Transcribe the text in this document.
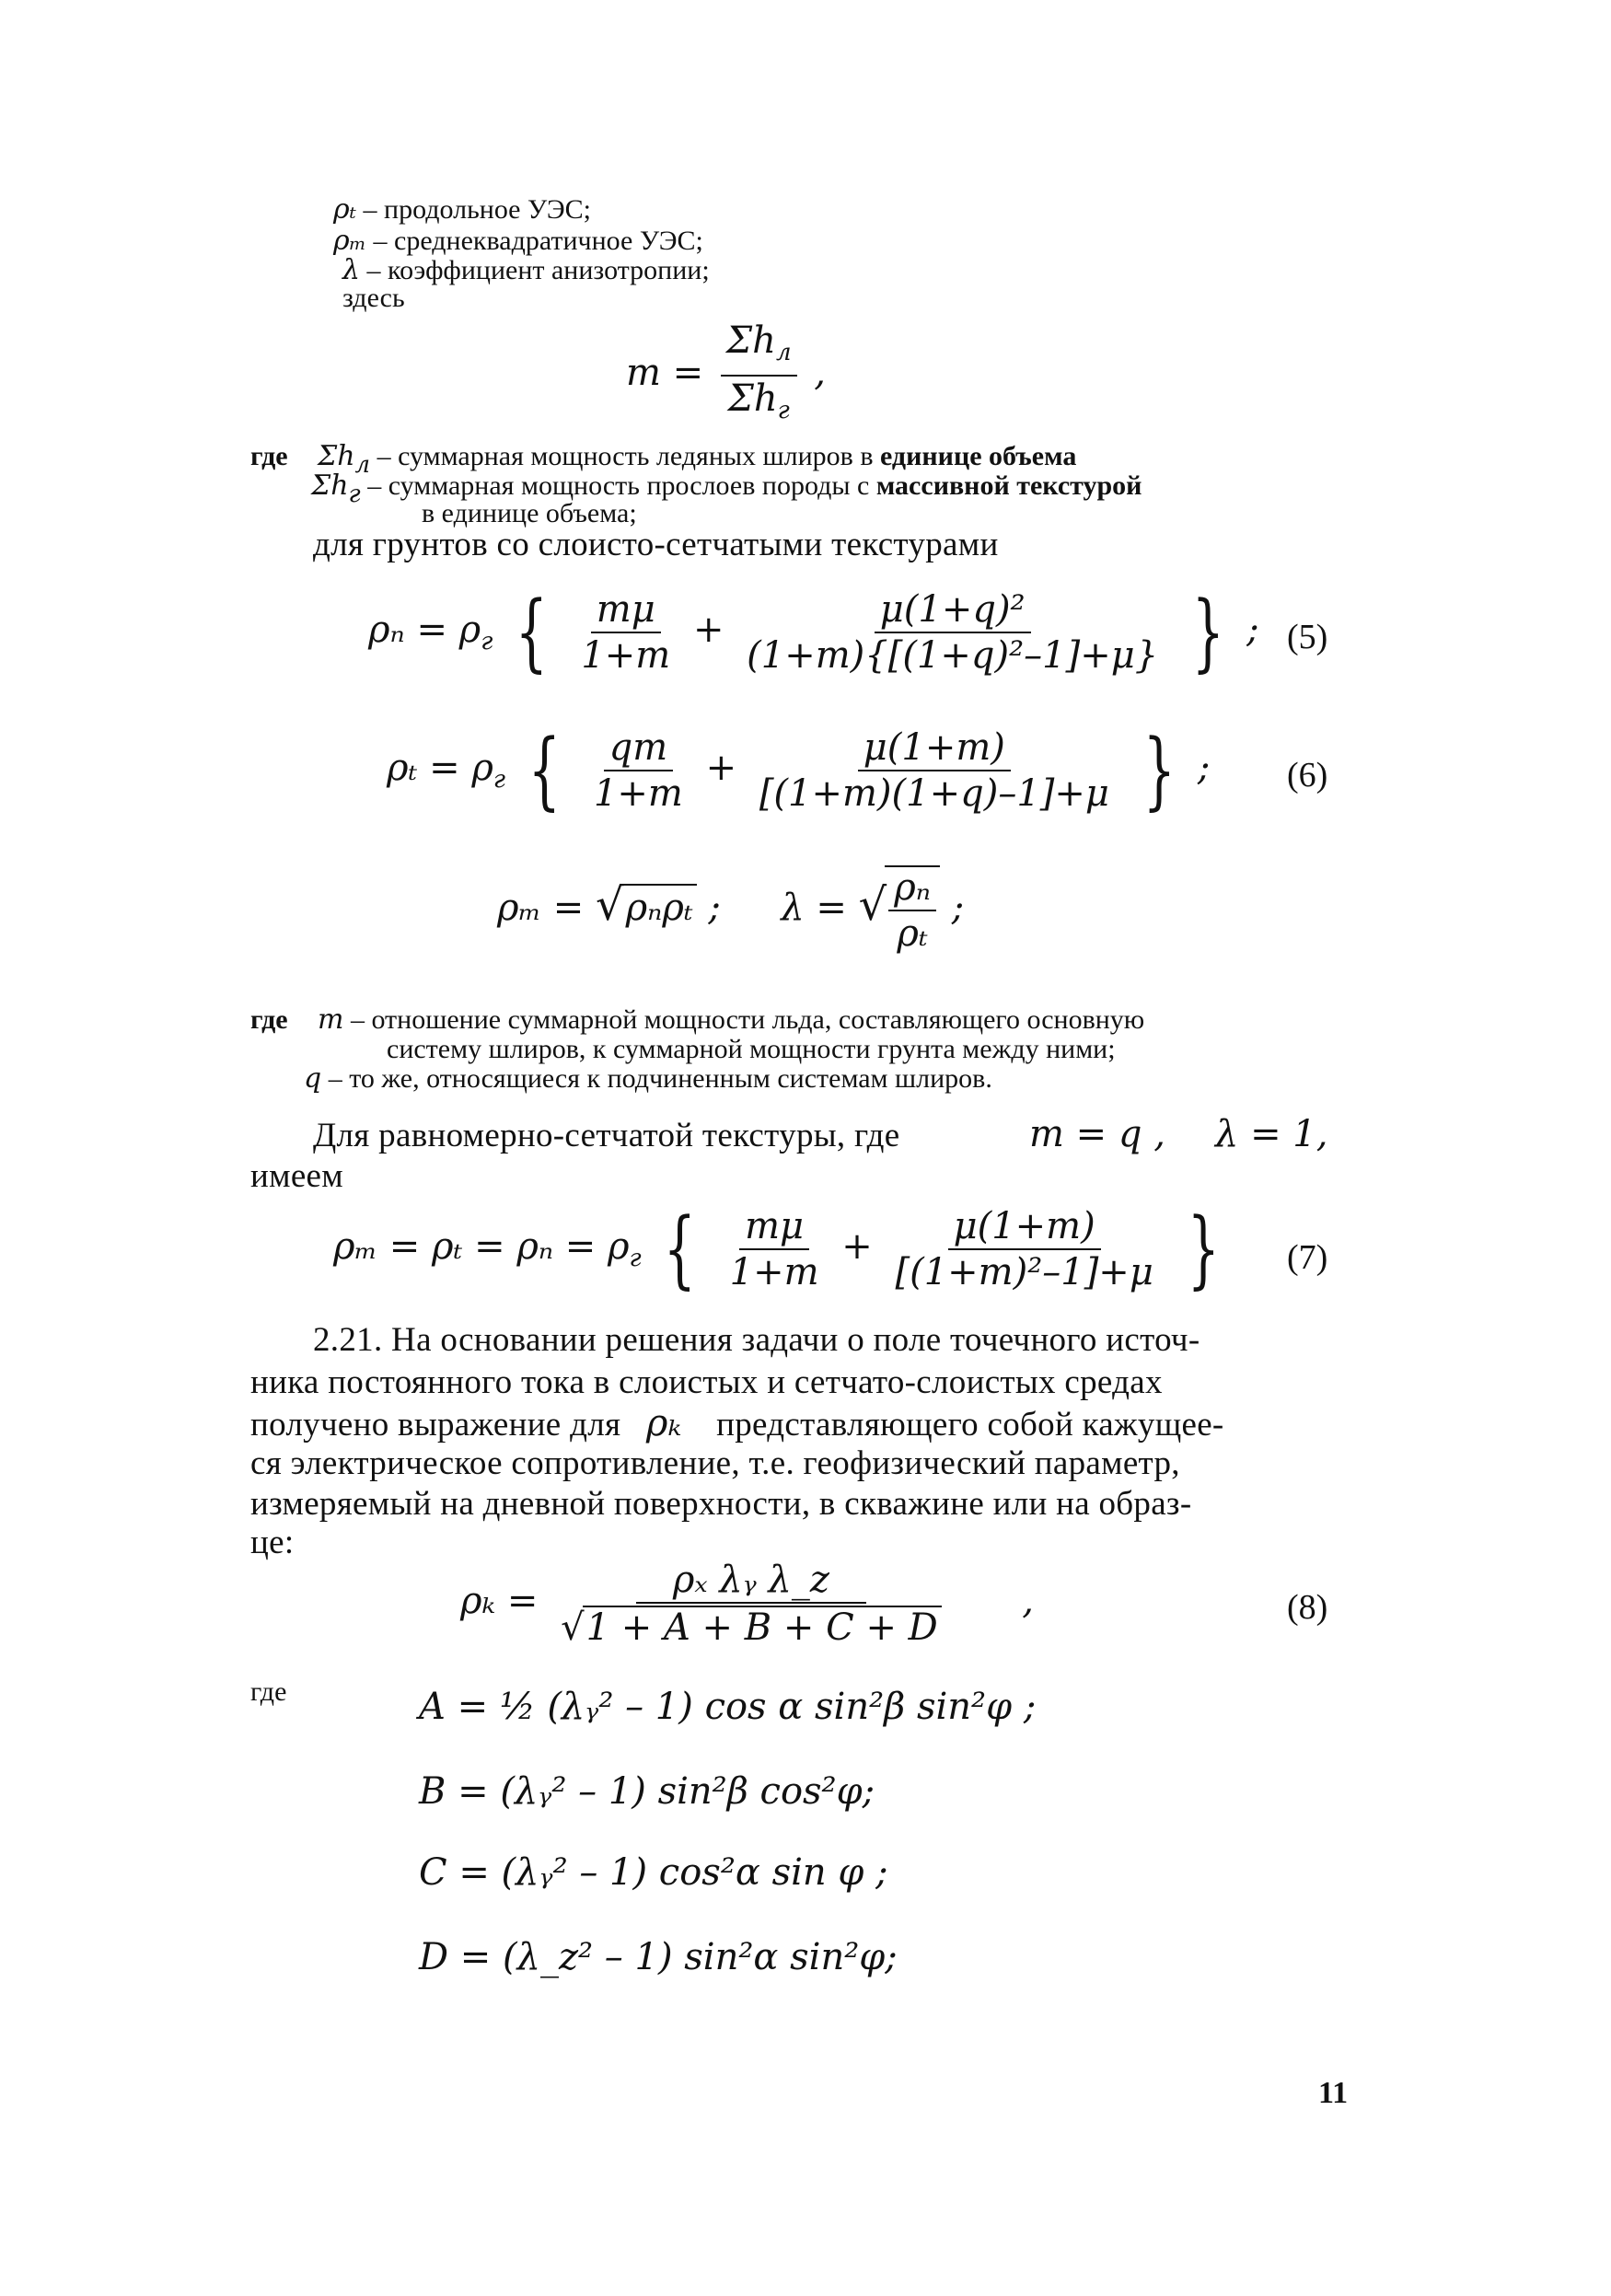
ρₜ – продольное УЭС;
ρₘ – среднеквадратичное УЭС;
λ – коэффициент анизотропии;
здесь
$m = \frac{\Sigma h_л}{\Sigma h_г}$ ,
где Σhл – суммарная мощность ледяных шлиров в единице объема
Σhг – суммарная мощность прослоев породы с массивной текстурой
в единице объема;
для грунтов со слоисто-сетчатыми текстурами
$\rho_n = \rho_г$ { $\frac{m\mu}{1+m} + \frac{\text{μ(1+q)²}}{\text{(1+m)\{[(1+q)²–1]+μ\}}}$ } ; (5)
$\rho_t = \rho_г$ { $\frac{qm}{1+m} + \frac{\mu(1+m)}{[(1+m)(1+q)-1]+\mu}$ } ; (6)
ρₘ = √ρₙρₜ ; λ = √ $\frac{\text{ρₙ}}{\text{ρₜ}}$ ;
где m – отношение суммарной мощности льда, составляющего основную
систему шлиров, к суммарной мощности грунта между ними;
q – то же, относящиеся к подчиненным системам шлиров.
Для равномерно-сетчатой текстуры, где	m = q , λ = 1,
имеем
$\rho_m = \rho_t = \rho_n = \rho_г$ { $\frac{m\mu}{1+m} + \frac{\mu(1+m)}{\text{[(1+m)²–1]+μ}}$ }	(7)
2.21. На основании решения задачи о поле точечного источ-
ника постоянного тока в слоистых и сетчато-слоистых средах
получено выражение для ρₖ представляющего собой кажущее-
ся электрическое сопротивление, т.е. геофизический параметр,
измеряемый на дневной поверхности, в скважине или на образ-
це:
$\rho_k = \frac{\text{ρₓ λᵧ λ\_z}}{√1 + A + B + C + D}$ ,	(8)
где	A = ½ (λᵧ² – 1) cos α sin²β sin²φ ;
B = (λᵧ² – 1) sin²β cos²φ;
C = (λᵧ² – 1) cos²α sin φ ;
D = (λ_z² – 1) sin²α sin²φ;
11
